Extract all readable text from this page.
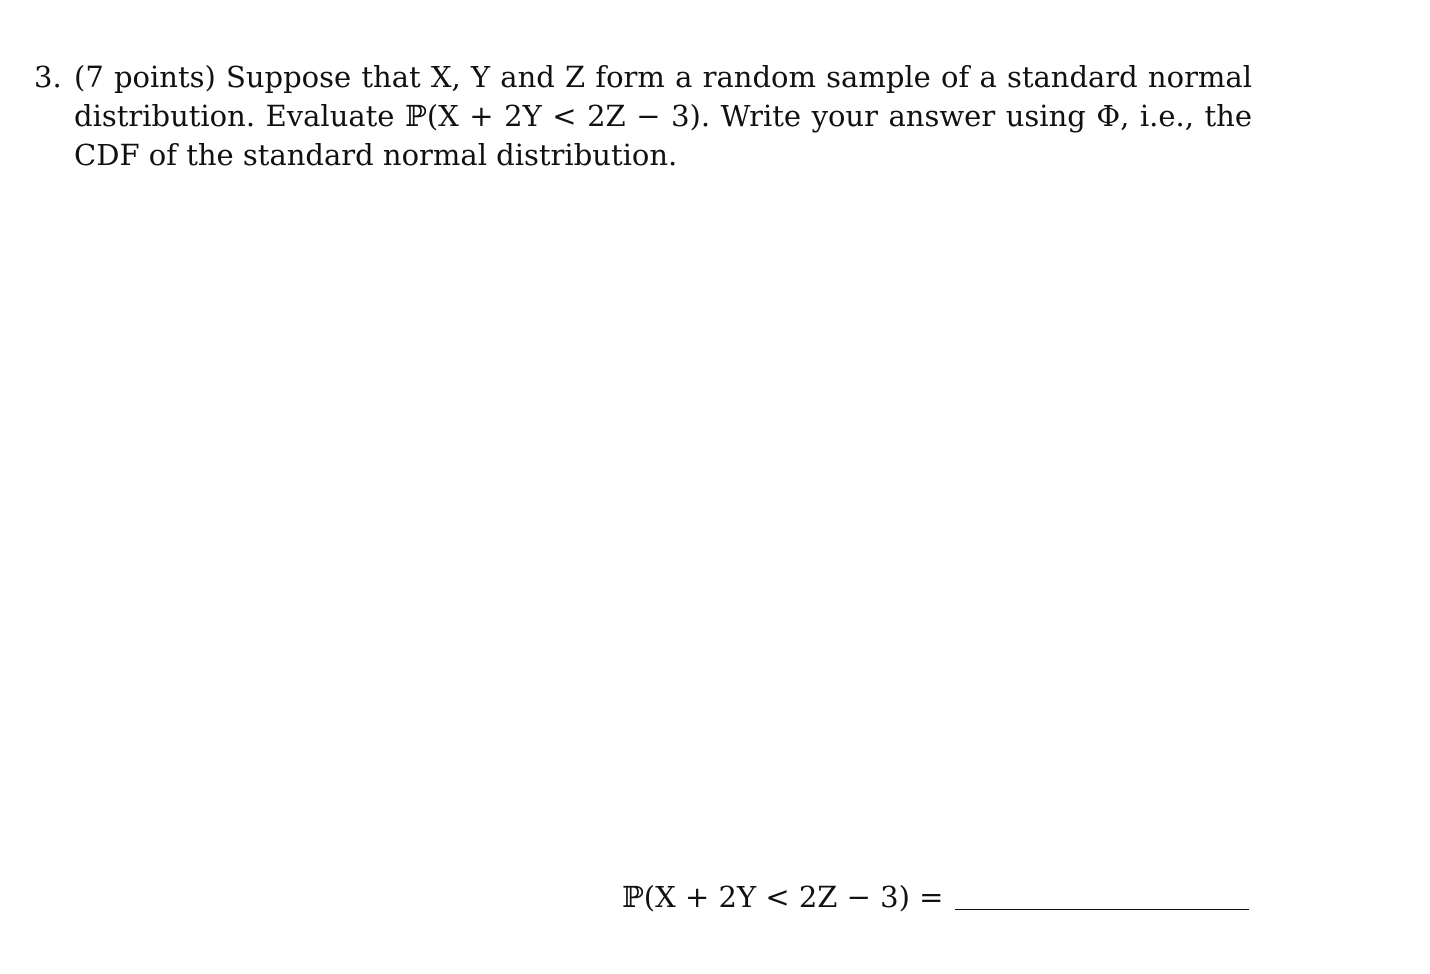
3. (7 points) Suppose that X, Y and Z form a random sample of a standard normal distribution. Evaluate ℙ(X + 2Y < 2Z − 3). Write your answer using Φ, i.e., the CDF of the standard normal distribution.
ℙ(X + 2Y < 2Z − 3) =
